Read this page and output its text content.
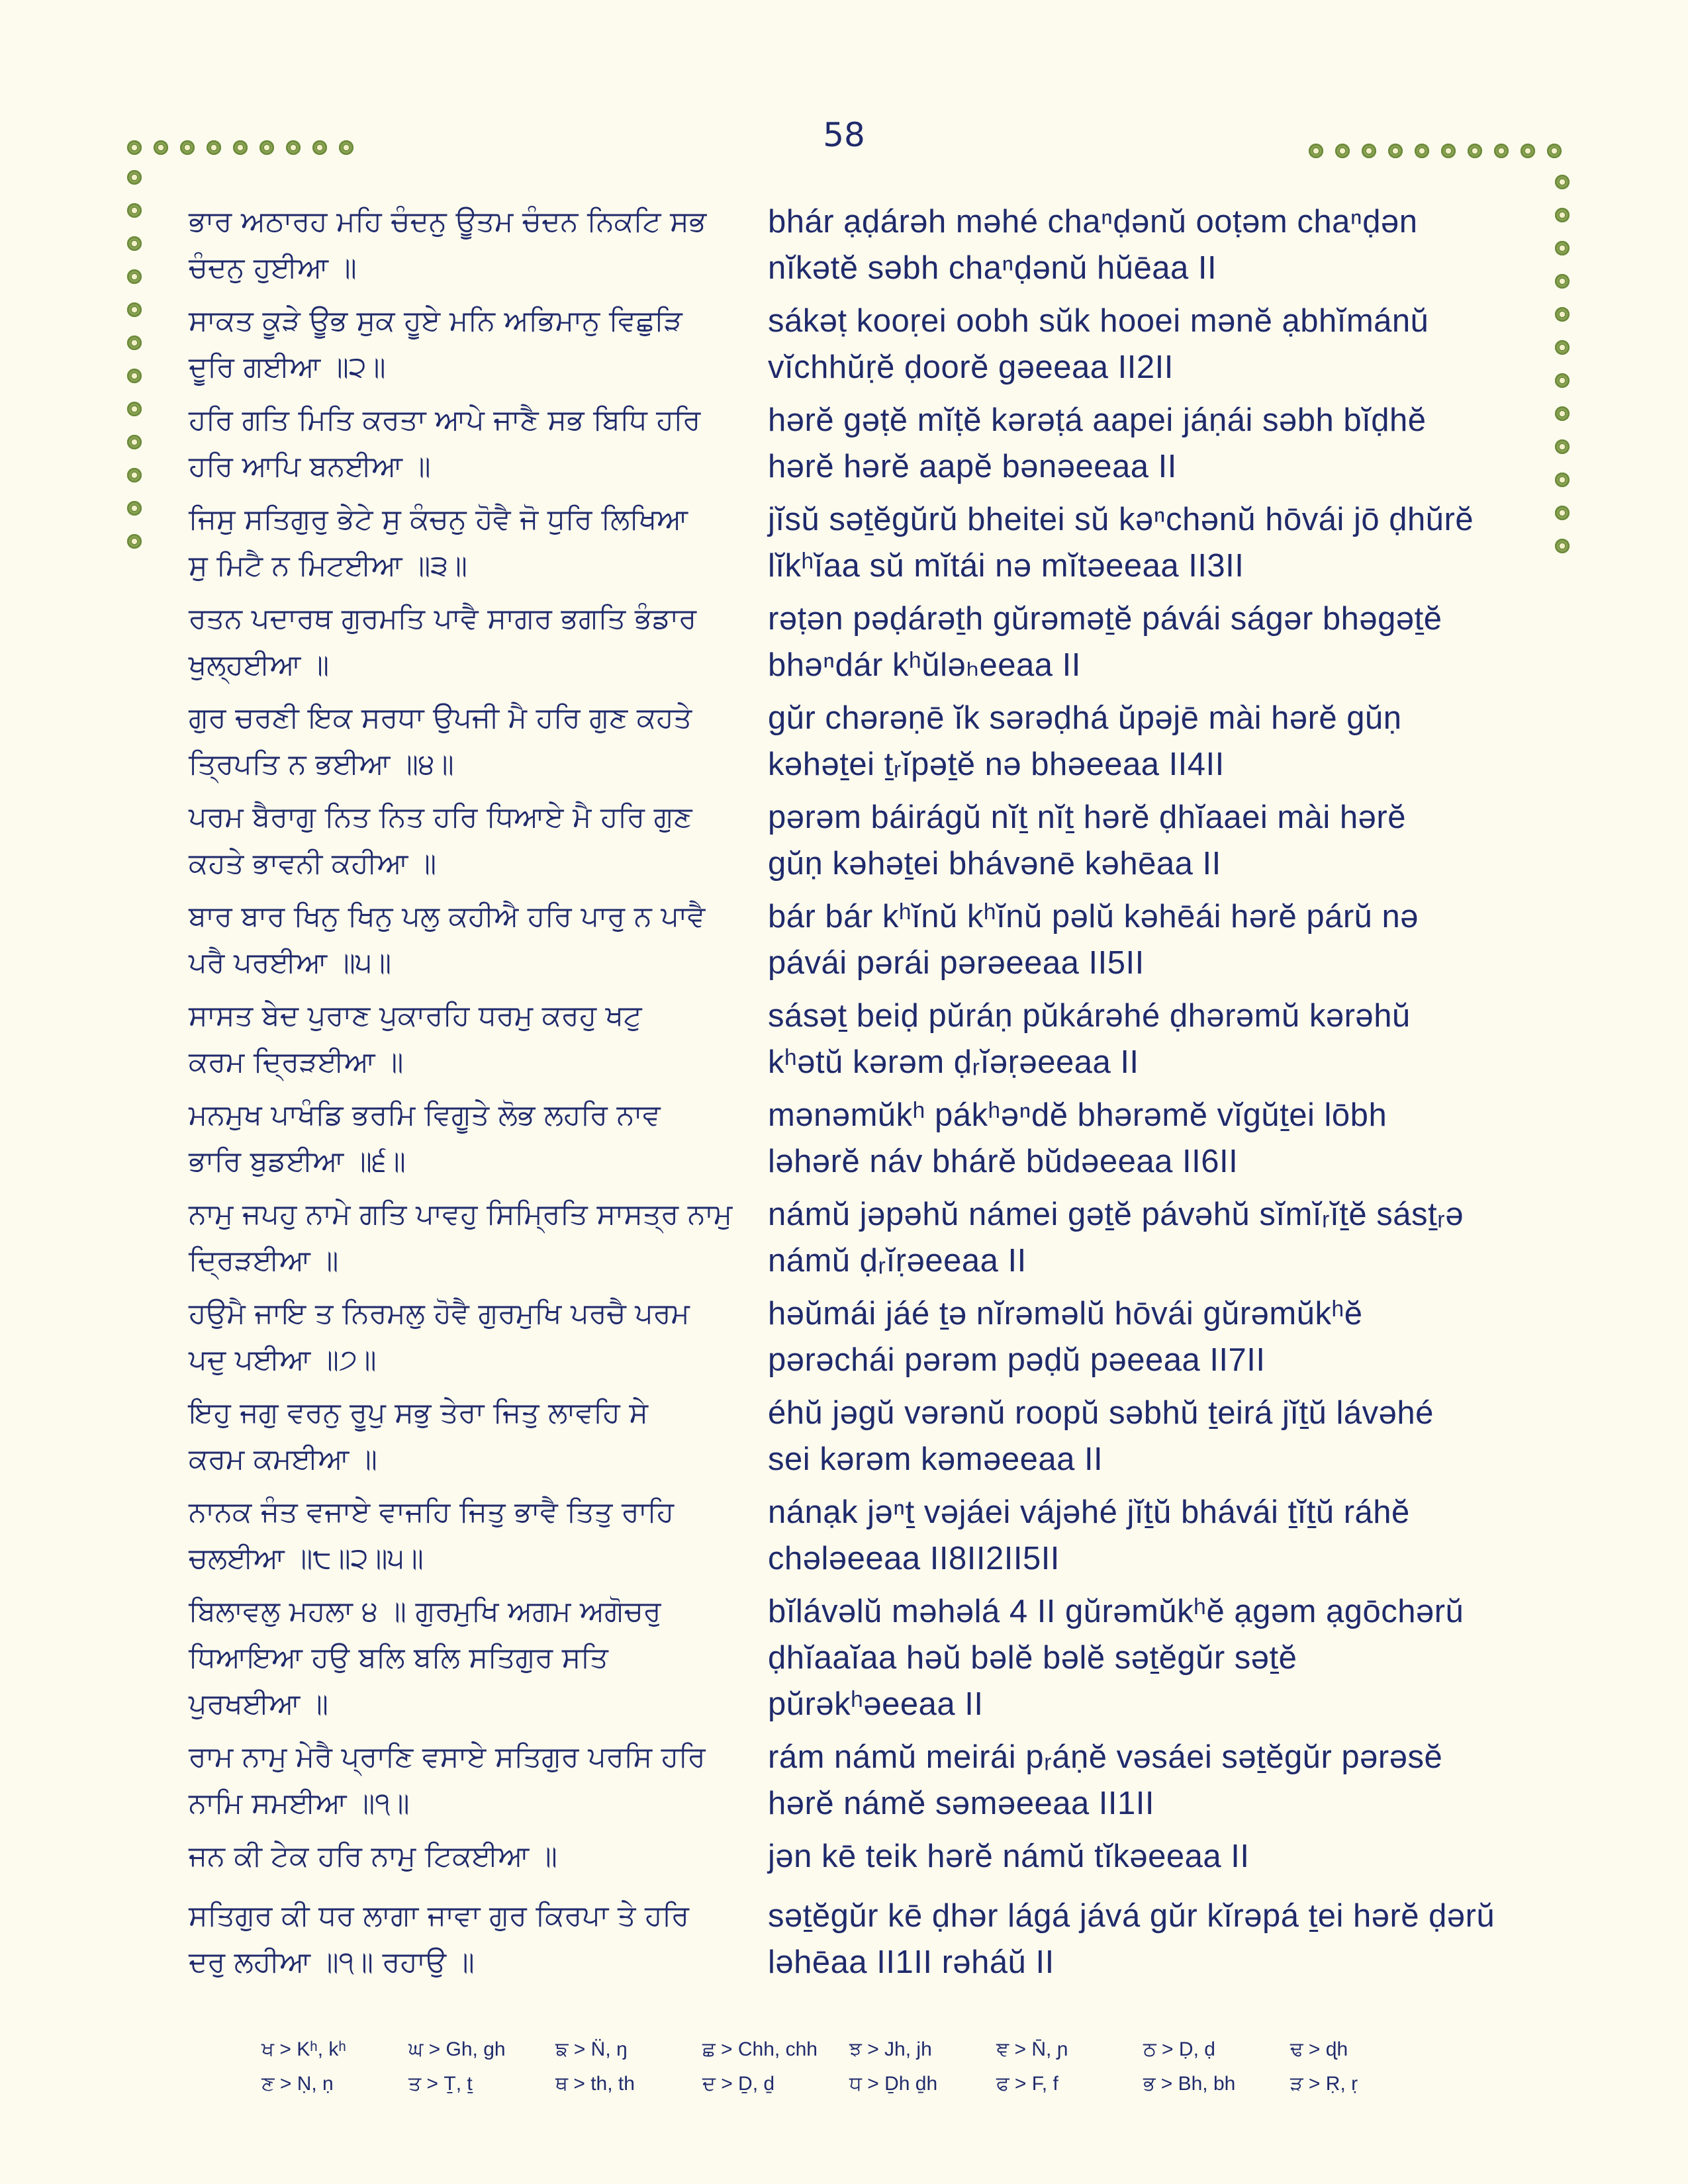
58
ਭਾਰ ਅਠਾਰਹ ਮਹਿ ਚੰਦਨੁ ਊਤਮ ਚੰਦਨ ਨਿਕਟਿ ਸਭ
ਚੰਦਨੁ ਹੁਈਆ ॥
bhár ạḍárəh məhé chaⁿḍənŭ ooṭəm chaⁿḍən
nĭkətĕ səbh chaⁿḍənŭ hŭēaa II
ਸਾਕਤ ਕੂੜੇ ਊਭ ਸੁਕ ਹੂਏ ਮਨਿ ਅਭਿਮਾਨੁ ਵਿਛੁੜਿ
ਦੂਰਿ ਗਈਆ ॥੨॥
sákəṭ kooṛei oobh sŭk hooei mənĕ ạbhĭmánŭ
vĭchhŭṛĕ ḍoorĕ gəeeaa II2II
ਹਰਿ ਗਤਿ ਮਿਤਿ ਕਰਤਾ ਆਪੇ ਜਾਣੈ ਸਭ ਬਿਧਿ ਹਰਿ
ਹਰਿ ਆਪਿ ਬਨਈਆ ॥
hərĕ gəṭĕ mĭṭĕ kərəṭá aapei jáṇái səbh bĭḍhĕ
hərĕ hərĕ aapĕ bənəeeaa II
ਜਿਸੁ ਸਤਿਗੁਰੁ ਭੇਟੇ ਸੁ ਕੰਚਨੁ ਹੋਵੈ ਜੋ ਧੁਰਿ ਲਿਖਿਆ
ਸੁ ਮਿਟੈ ਨ ਮਿਟਈਆ ॥੩॥
jĭsŭ səṯĕgŭrŭ bheitei sŭ kəⁿchənŭ hōvái jō ḍhŭrĕ
lĭkʰĭaa sŭ mĭtái nə mĭtəeeaa II3II
ਰਤਨ ਪਦਾਰਥ ਗੁਰਮਤਿ ਪਾਵੈ ਸਾਗਰ ਭਗਤਿ ਭੰਡਾਰ
ਖੁਲ੍ਹਈਆ ॥
rəṭən pəḍárəṯh gŭrəməṯĕ pávái ságər bhəgəṯĕ
bhəⁿdár kʰŭləₕeeaa II
ਗੁਰ ਚਰਣੀ ਇਕ ਸਰਧਾ ਉਪਜੀ ਮੈ ਹਰਿ ਗੁਣ ਕਹਤੇ
ਤ੍ਰਿਪਤਿ ਨ ਭਈਆ ॥੪॥
gŭr chərəṇē ĭk sərəḍhá ŭpəjē mài hərĕ gŭṇ
kəhəṯei ṯᵣĭpəṯĕ nə bhəeeaa II4II
ਪਰਮ ਬੈਰਾਗੁ ਨਿਤ ਨਿਤ ਹਰਿ ਧਿਆਏ ਮੈ ਹਰਿ ਗੁਣ
ਕਹਤੇ ਭਾਵਨੀ ਕਹੀਆ ॥
pərəm báirágŭ nĭṯ nĭṯ hərĕ ḍhĭaaei mài hərĕ
gŭṇ kəhəṯei bhávənē kəhēaa II
ਬਾਰ ਬਾਰ ਖਿਨੁ ਖਿਨੁ ਪਲੁ ਕਹੀਐ ਹਰਿ ਪਾਰੁ ਨ ਪਾਵੈ
ਪਰੈ ਪਰਈਆ ॥੫॥
bár bár kʰĭnŭ kʰĭnŭ pəlŭ kəhēái hərĕ párŭ nə
pávái pərái pərəeeaa II5II
ਸਾਸਤ ਬੇਦ ਪੁਰਾਣ ਪੁਕਾਰਹਿ ਧਰਮੁ ਕਰਹੁ ਖਟੁ
ਕਰਮ ਦ੍ਰਿੜਈਆ ॥
sásəṯ beiḍ pŭráṇ pŭkárəhé ḍhərəmŭ kərəhŭ
kʰətŭ kərəm ḍᵣĭəṛəeeaa II
ਮਨਮੁਖ ਪਾਖੰਡਿ ਭਰਮਿ ਵਿਗੂਤੇ ਲੋਭ ਲਹਰਿ ਨਾਵ
ਭਾਰਿ ਬੁਡਈਆ ॥੬॥
mənəmŭkʰ pákʰəⁿdĕ bhərəmĕ vĭgŭṯei lōbh
ləhərĕ náv bhárĕ bŭdəeeaa II6II
ਨਾਮੁ ਜਪਹੁ ਨਾਮੇ ਗਤਿ ਪਾਵਹੁ ਸਿਮ੍ਰਿਤਿ ਸਾਸਤ੍ਰ ਨਾਮੁ
ਦ੍ਰਿੜਈਆ ॥
námŭ jəpəhŭ námei gəṯĕ pávəhŭ sĭmĭᵣĭṯĕ sásṯᵣə
námŭ ḍᵣĭṛəeeaa II
ਹਉਮੈ ਜਾਇ ਤ ਨਿਰਮਲੁ ਹੋਵੈ ਗੁਰਮੁਖਿ ਪਰਚੈ ਪਰਮ
ਪਦੁ ਪਈਆ ॥੭॥
həŭmái jáé ṯə nĭrəməlŭ hōvái gŭrəmŭkʰĕ
pərəchái pərəm pəḍŭ pəeeaa II7II
ਇਹੁ ਜਗੁ ਵਰਨੁ ਰੂਪੁ ਸਭੁ ਤੇਰਾ ਜਿਤੁ ਲਾਵਹਿ ਸੇ
ਕਰਮ ਕਮਈਆ ॥
éhŭ jəgŭ vərənŭ roopŭ səbhŭ ṯeirá jĭṯŭ lávəhé
sei kərəm kəməeeaa II
ਨਾਨਕ ਜੰਤ ਵਜਾਏ ਵਾਜਹਿ ਜਿਤੁ ਭਾਵੈ ਤਿਤੁ ਰਾਹਿ
ਚਲਈਆ ॥੮॥੨॥੫॥
nánạk jəⁿṯ vəjáei vájəhé jĭṯŭ bhávái ṯĭṯŭ ráhĕ
chələeeaa II8II2II5II
ਬਿਲਾਵਲੁ ਮਹਲਾ ੪ ॥ ਗੁਰਮੁਖਿ ਅਗਮ ਅਗੋਚਰੁ
ਧਿਆਇਆ ਹਉ ਬਲਿ ਬਲਿ ਸਤਿਗੁਰ ਸਤਿ
ਪੁਰਖਈਆ ॥
bĭlávəlŭ məhəlá 4 II gŭrəmŭkʰĕ ạgəm ạgōchərŭ
ḍhĭaaĭaa həŭ bəlĕ bəlĕ səṯĕgŭr səṯĕ
pŭrəkʰəeeaa II
ਰਾਮ ਨਾਮੁ ਮੇਰੈ ਪ੍ਰਾਣਿ ਵਸਾਏ ਸਤਿਗੁਰ ਪਰਸਿ ਹਰਿ
ਨਾਮਿ ਸਮਈਆ ॥੧॥
rám námŭ meirái pᵣáṇĕ vəsáei səṯĕgŭr pərəsĕ
hərĕ námĕ səməeeaa II1II
ਜਨ ਕੀ ਟੇਕ ਹਰਿ ਨਾਮੁ ਟਿਕਈਆ ॥	jən kē teik hərĕ námŭ tĭkəeeaa II
ਸਤਿਗੁਰ ਕੀ ਧਰ ਲਾਗਾ ਜਾਵਾ ਗੁਰ ਕਿਰਪਾ ਤੇ ਹਰਿ
ਦਰੁ ਲਹੀਆ ॥੧॥ ਰਹਾਉ ॥
səṯĕgŭr kē ḍhər lágá jává gŭr kĭrəpá ṯei hərĕ ḍərŭ
ləhēaa II1II rəháŭ II
ਖ > Kʰ, kʰ	ਘ > Gh, gh	ਙ > N̈, ŋ	ਛ > Chh, chh	ਝ > Jh, jh	ਞ > N̄, ɲ	ਠ > Ḍ, ḍ	ਢ > ɖh
ਣ > Ṇ, ṇ	ਤ > Ṯ, ṯ	ਥ > th, th	ਦ > Ḏ, ḏ	ਧ > Ḏh ḏh	ਫ > F, f	ਭ > Bh, bh	ੜ > Ṛ, ṛ
